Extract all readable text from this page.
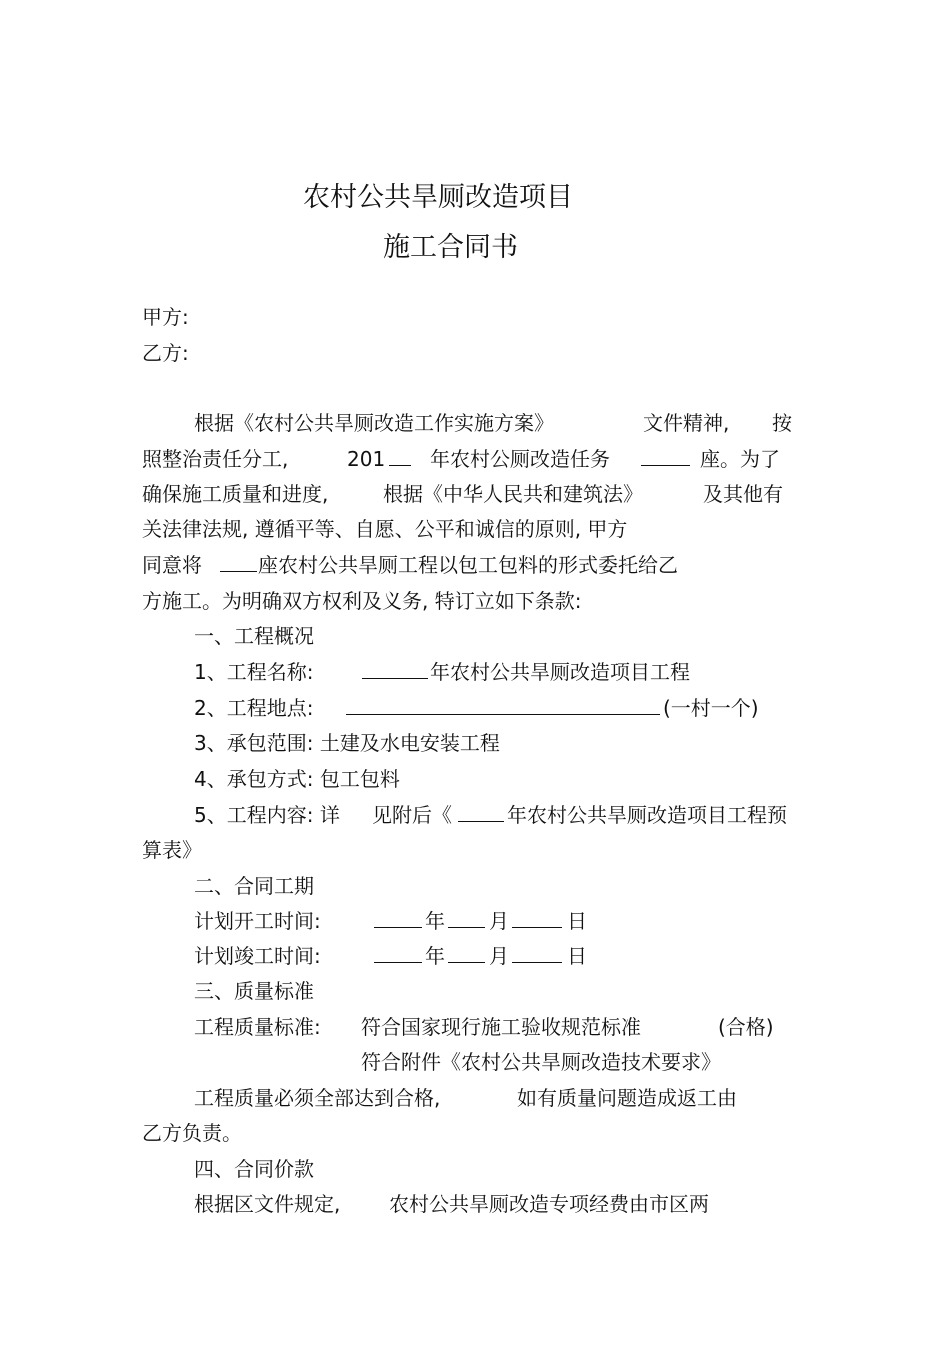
农村公共旱厕改造项目
施工合同书
甲方:
乙方:
根据《农村公共旱厕改造工作实施方案》	文件精神, 按
照整治责任分工,	201 年农村公厕改造任务	座。为了
确保施工质量和进度,	根据《中华人民共和建筑法》	及其他有
关法律法规, 遵循平等、自愿、公平和诚信的原则, 甲方
同意将	座农村公共旱厕工程以包工包料的形式委托给乙
方施工。为明确双方权利及义务, 特订立如下条款:
一、工程概况
1、工程名称:	年农村公共旱厕改造项目工程
2、工程地点:	(一村一个)
3、承包范围: 土建及水电安装工程
4、承包方式: 包工包料
5、工程内容: 详 见附后《	年农村公共旱厕改造项目工程预
算表》
二、合同工期
计划开工时间:	年 月	日
计划竣工时间:	年 月	日
三、质量标准
工程质量标准: 符合国家现行施工验收规范标准	(合格)
符合附件《农村公共旱厕改造技术要求》
工程质量必须全部达到合格,	如有质量问题造成返工由
乙方负责。
四、合同价款
根据区文件规定, 农村公共旱厕改造专项经费由市区两
